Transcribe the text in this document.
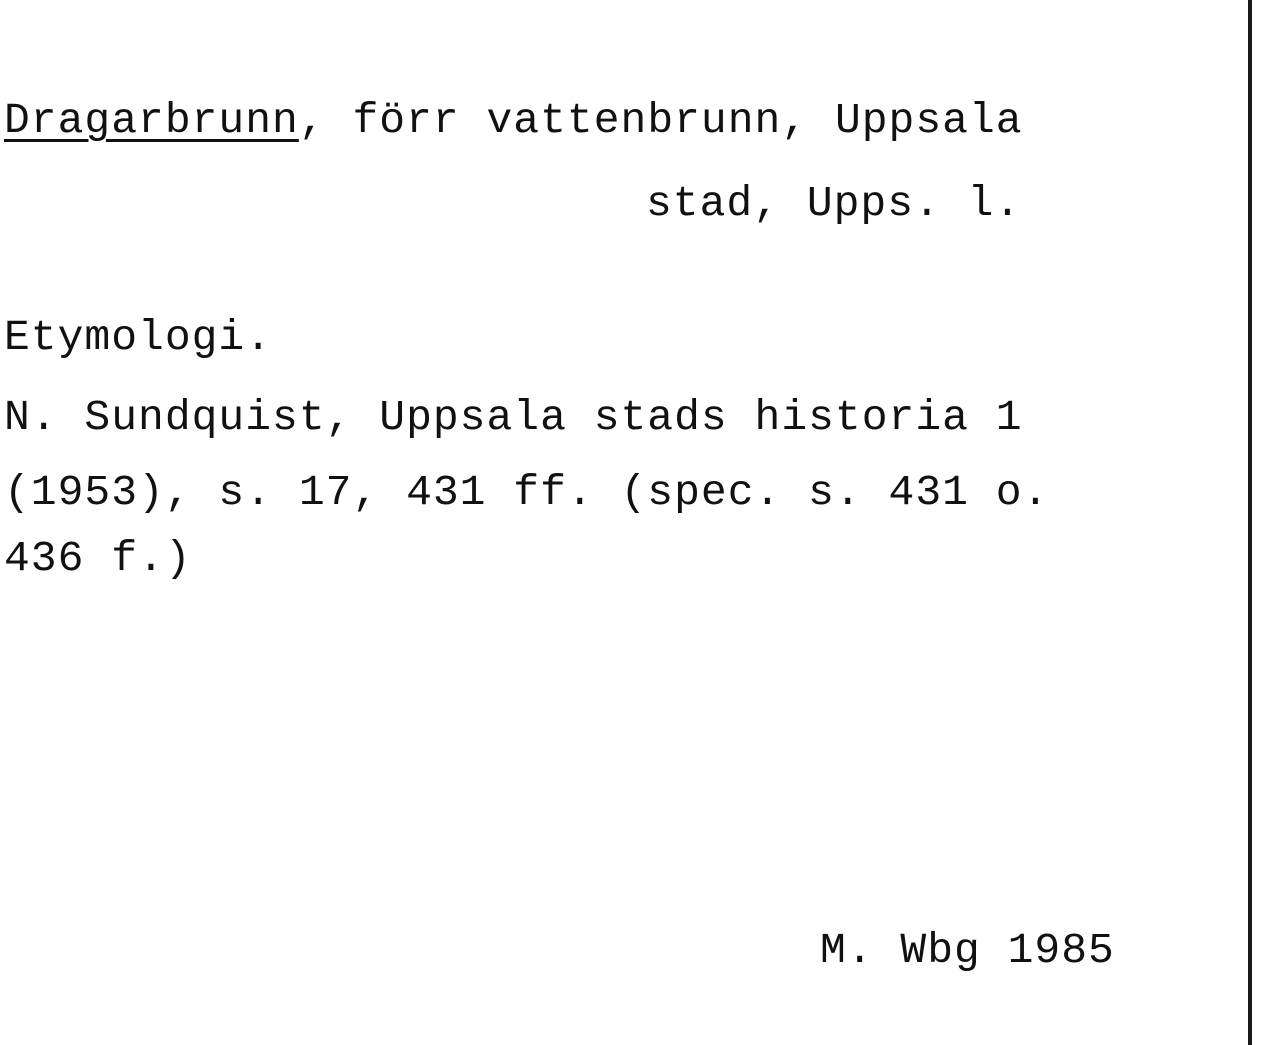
Dragarbrunn, förr vattenbrunn, Uppsala
stad, Upps. l.
Etymologi.
N. Sundquist, Uppsala stads historia 1
(1953), s. 17, 431 ff. (spec. s. 431 o.
436 f.)
M. Wbg 1985
